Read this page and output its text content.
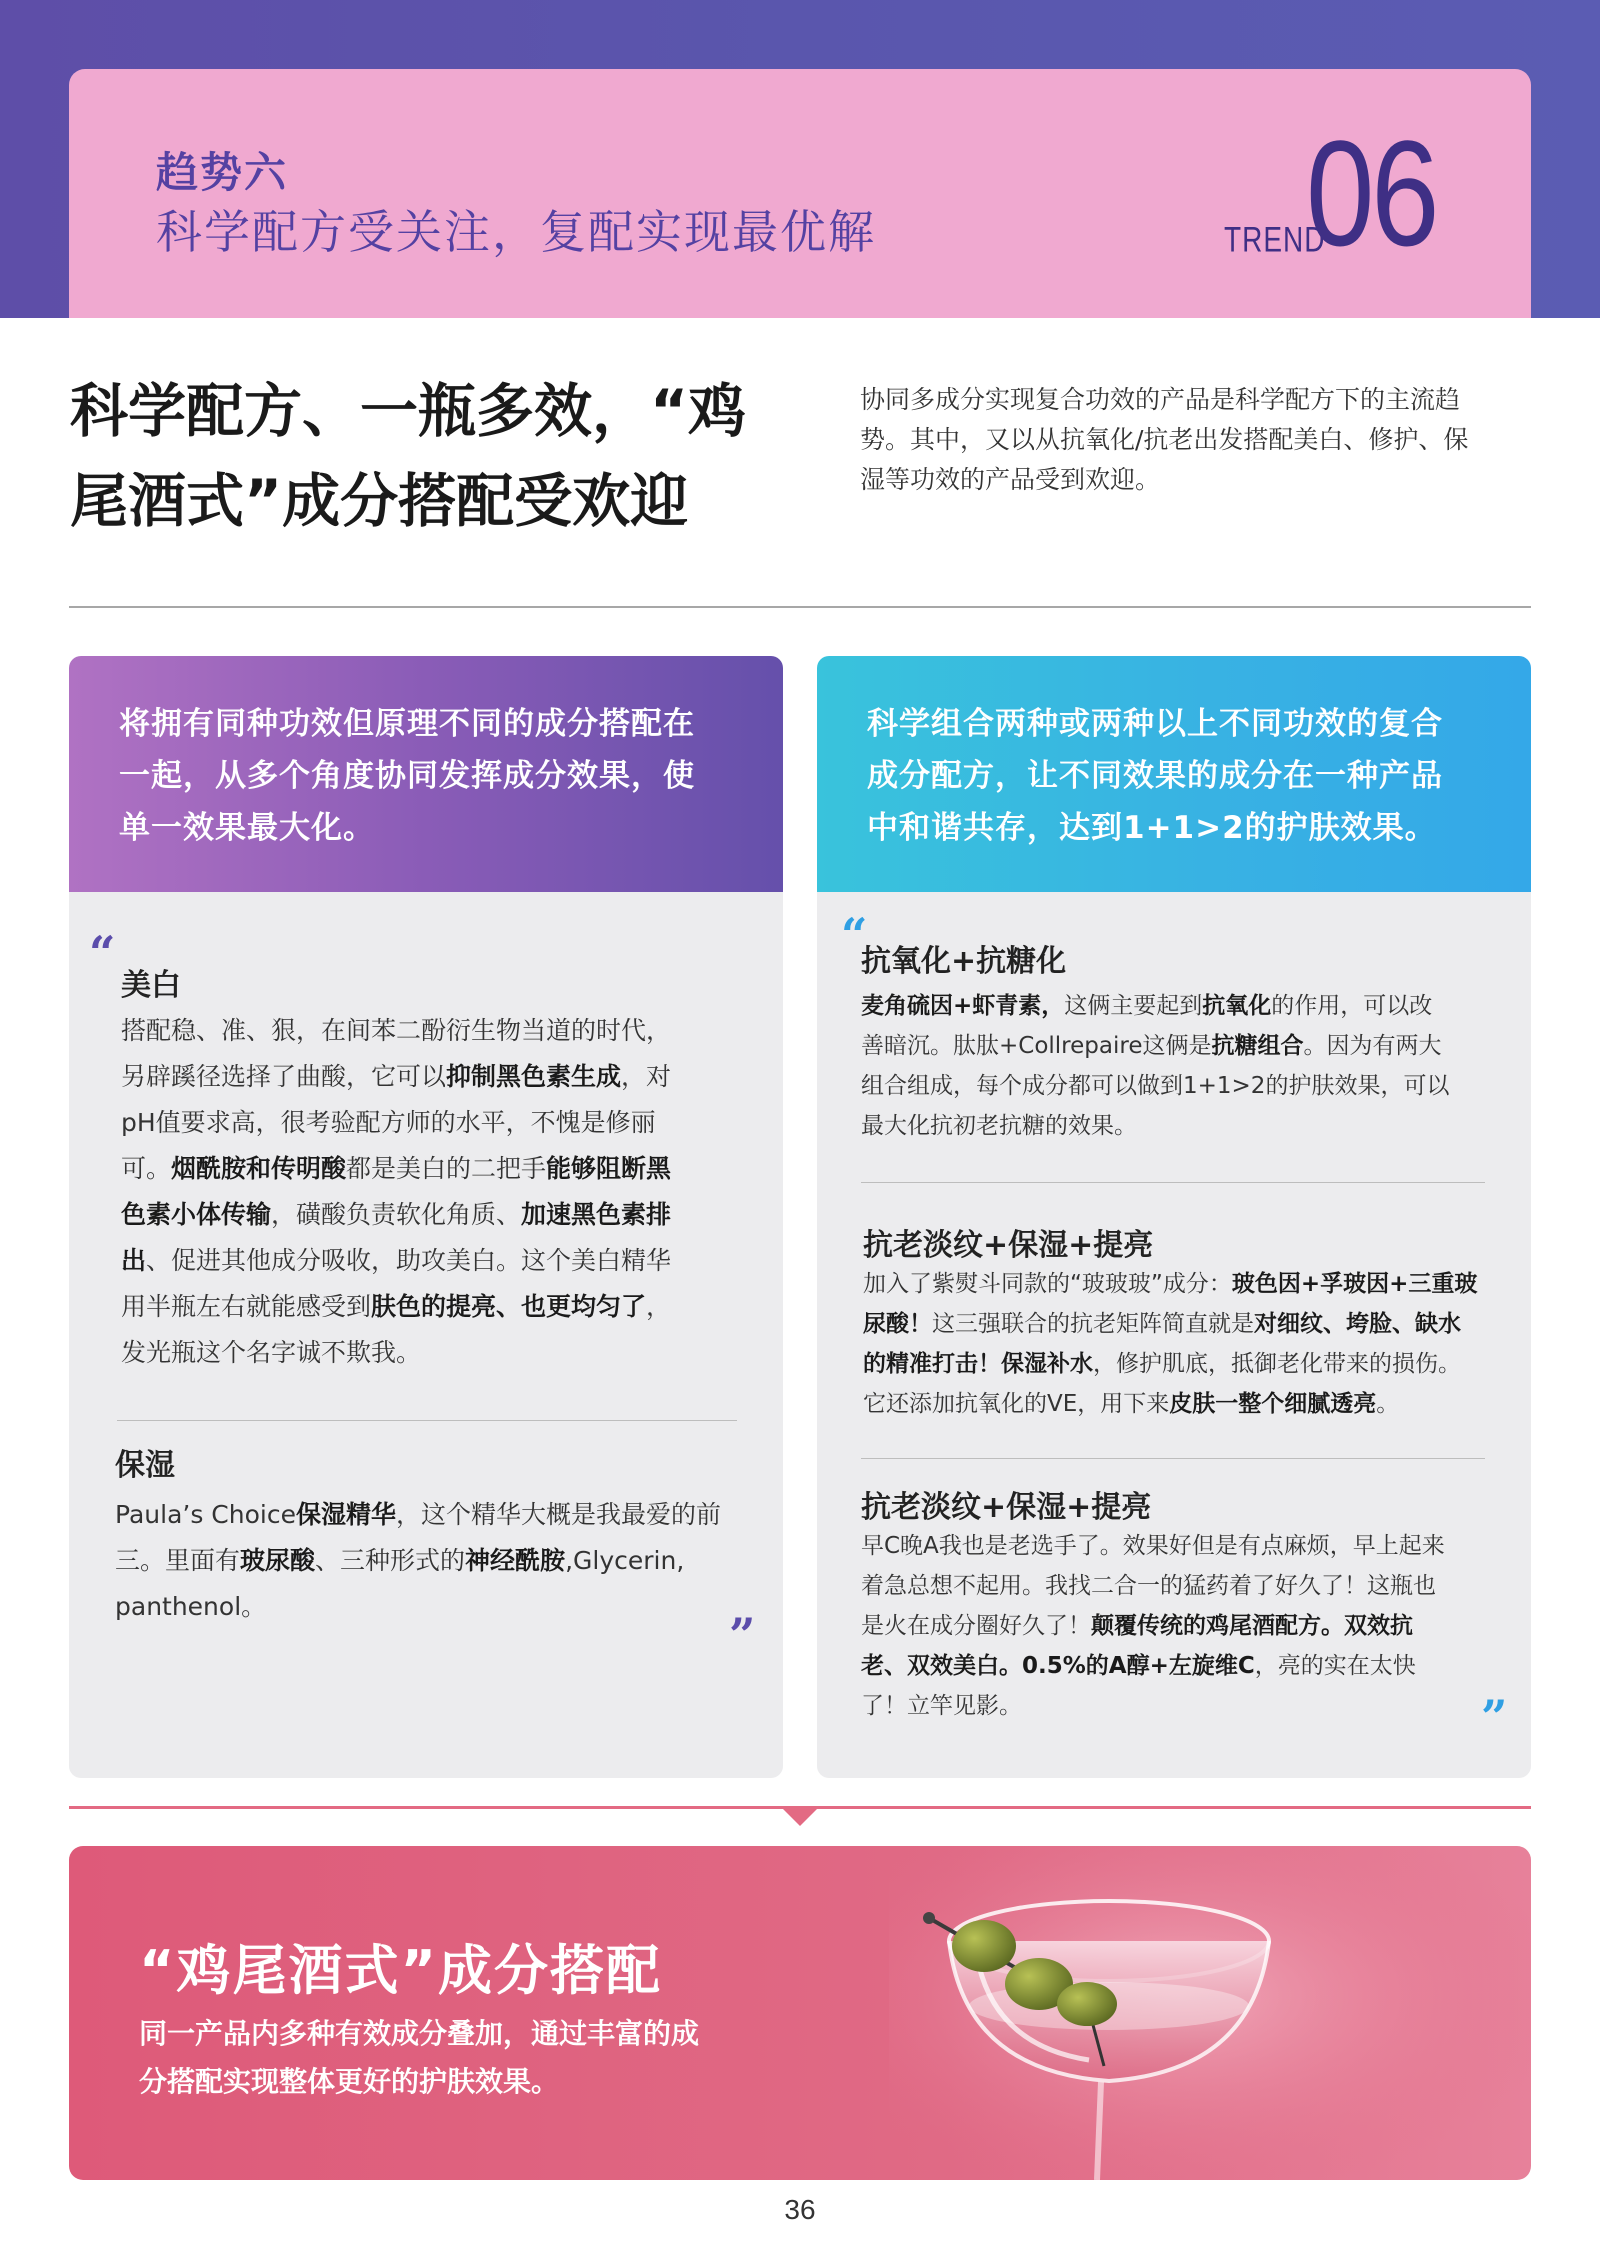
趋势六
科学配方受关注，复配实现最优解	TREND
06
科学配方、一瓶多效，“鸡
尾酒式”成分搭配受欢迎
协同多成分实现复合功效的产品是科学配方下的主流趋
势。其中，又以从抗氧化/抗老出发搭配美白、修护、保
湿等功效的产品受到欢迎。
将拥有同种功效但原理不同的成分搭配在
一起，从多个角度协同发挥成分效果，使
单一效果最大化。
“
美白
搭配稳、准、狠，在间苯二酚衍生物当道的时代，
另辟蹊径选择了曲酸，它可以抑制黑色素生成，对
pH值要求高，很考验配方师的水平，不愧是修丽
可。烟酰胺和传明酸都是美白的二把手能够阻断黑
色素小体传输，磺酸负责软化角质、加速黑色素排
出、促进其他成分吸收，助攻美白。这个美白精华
用半瓶左右就能感受到肤色的提亮、也更均匀了，
发光瓶这个名字诚不欺我。
保湿
Paula’s Choice保湿精华，这个精华大概是我最爱的前
三。里面有玻尿酸、三种形式的神经酰胺,Glycerin,
panthenol。
”
科学组合两种或两种以上不同功效的复合
成分配方，让不同效果的成分在一种产品
中和谐共存，达到1+1>2的护肤效果。
“
抗氧化+抗糖化
麦角硫因+虾青素，这俩主要起到抗氧化的作用，可以改
善暗沉。肽肽+Collrepaire这俩是抗糖组合。因为有两大
组合组成，每个成分都可以做到1+1>2的护肤效果，可以
最大化抗初老抗糖的效果。
抗老淡纹+保湿+提亮
加入了紫熨斗同款的“玻玻玻”成分：玻色因+孚玻因+三重玻
尿酸！这三强联合的抗老矩阵简直就是对细纹、垮脸、缺水
的精准打击！保湿补水，修护肌底，抵御老化带来的损伤。
它还添加抗氧化的VE，用下来皮肤一整个细腻透亮。
抗老淡纹+保湿+提亮
早C晚A我也是老选手了。效果好但是有点麻烦，早上起来
着急总想不起用。我找二合一的猛药着了好久了！这瓶也
是火在成分圈好久了！颠覆传统的鸡尾酒配方。双效抗
老、双效美白。0.5%的A醇+左旋维C，亮的实在太快
了！立竿见影。	”
“鸡尾酒式”成分搭配
同一产品内多种有效成分叠加，通过丰富的成
分搭配实现整体更好的护肤效果。
36
